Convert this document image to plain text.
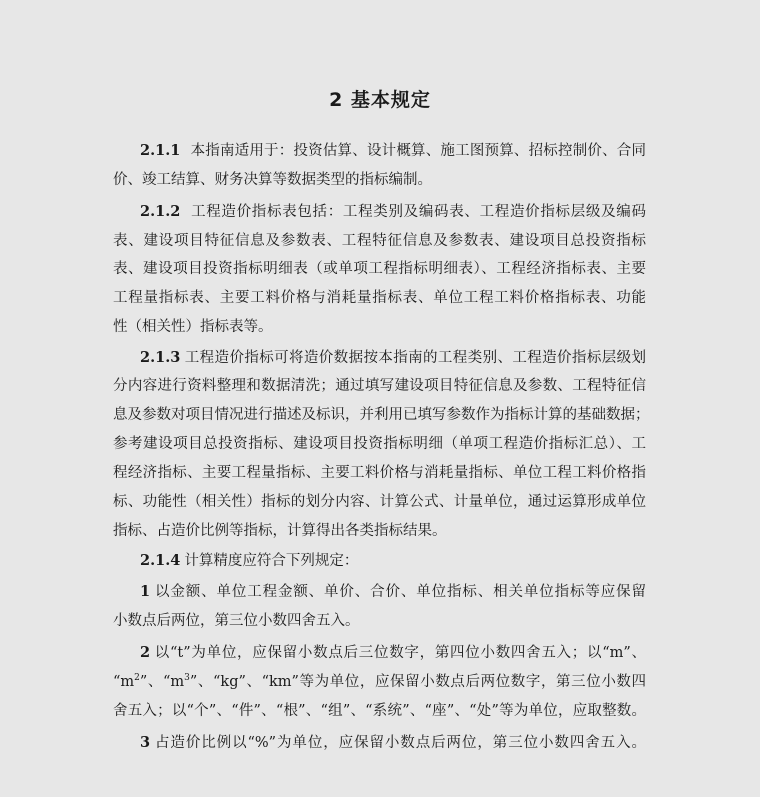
2 基本规定
2.1.1 本指南适用于：投资估算、设计概算、施工图预算、招标控制价、合同
价、竣工结算、财务决算等数据类型的指标编制。
2.1.2 工程造价指标表包括：工程类别及编码表、工程造价指标层级及编码
表、建设项目特征信息及参数表、工程特征信息及参数表、建设项目总投资指标
表、建设项目投资指标明细表（或单项工程指标明细表）、工程经济指标表、主要
工程量指标表、主要工料价格与消耗量指标表、单位工程工料价格指标表、功能
性（相关性）指标表等。
2.1.3 工程造价指标可将造价数据按本指南的工程类别、工程造价指标层级划
分内容进行资料整理和数据清洗；通过填写建设项目特征信息及参数、工程特征信
息及参数对项目情况进行描述及标识，并利用已填写参数作为指标计算的基础数据；
参考建设项目总投资指标、建设项目投资指标明细（单项工程造价指标汇总）、工
程经济指标、主要工程量指标、主要工料价格与消耗量指标、单位工程工料价格指
标、功能性（相关性）指标的划分内容、计算公式、计量单位，通过运算形成单位
指标、占造价比例等指标，计算得出各类指标结果。
2.1.4 计算精度应符合下列规定：
1 以金额、单位工程金额、单价、合价、单位指标、相关单位指标等应保留
小数点后两位，第三位小数四舍五入。
2 以“t”为单位，应保留小数点后三位数字，第四位小数四舍五入；以“m”、
“$m^2$”、“$m^3$”、“kg”、“km”等为单位，应保留小数点后两位数字，第三位小数四
舍五入；以“个”、“件”、“根”、“组”、“系统”、“座”、“处”等为单位，应取整数。
3 占造价比例以“%”为单位，应保留小数点后两位，第三位小数四舍五入。
